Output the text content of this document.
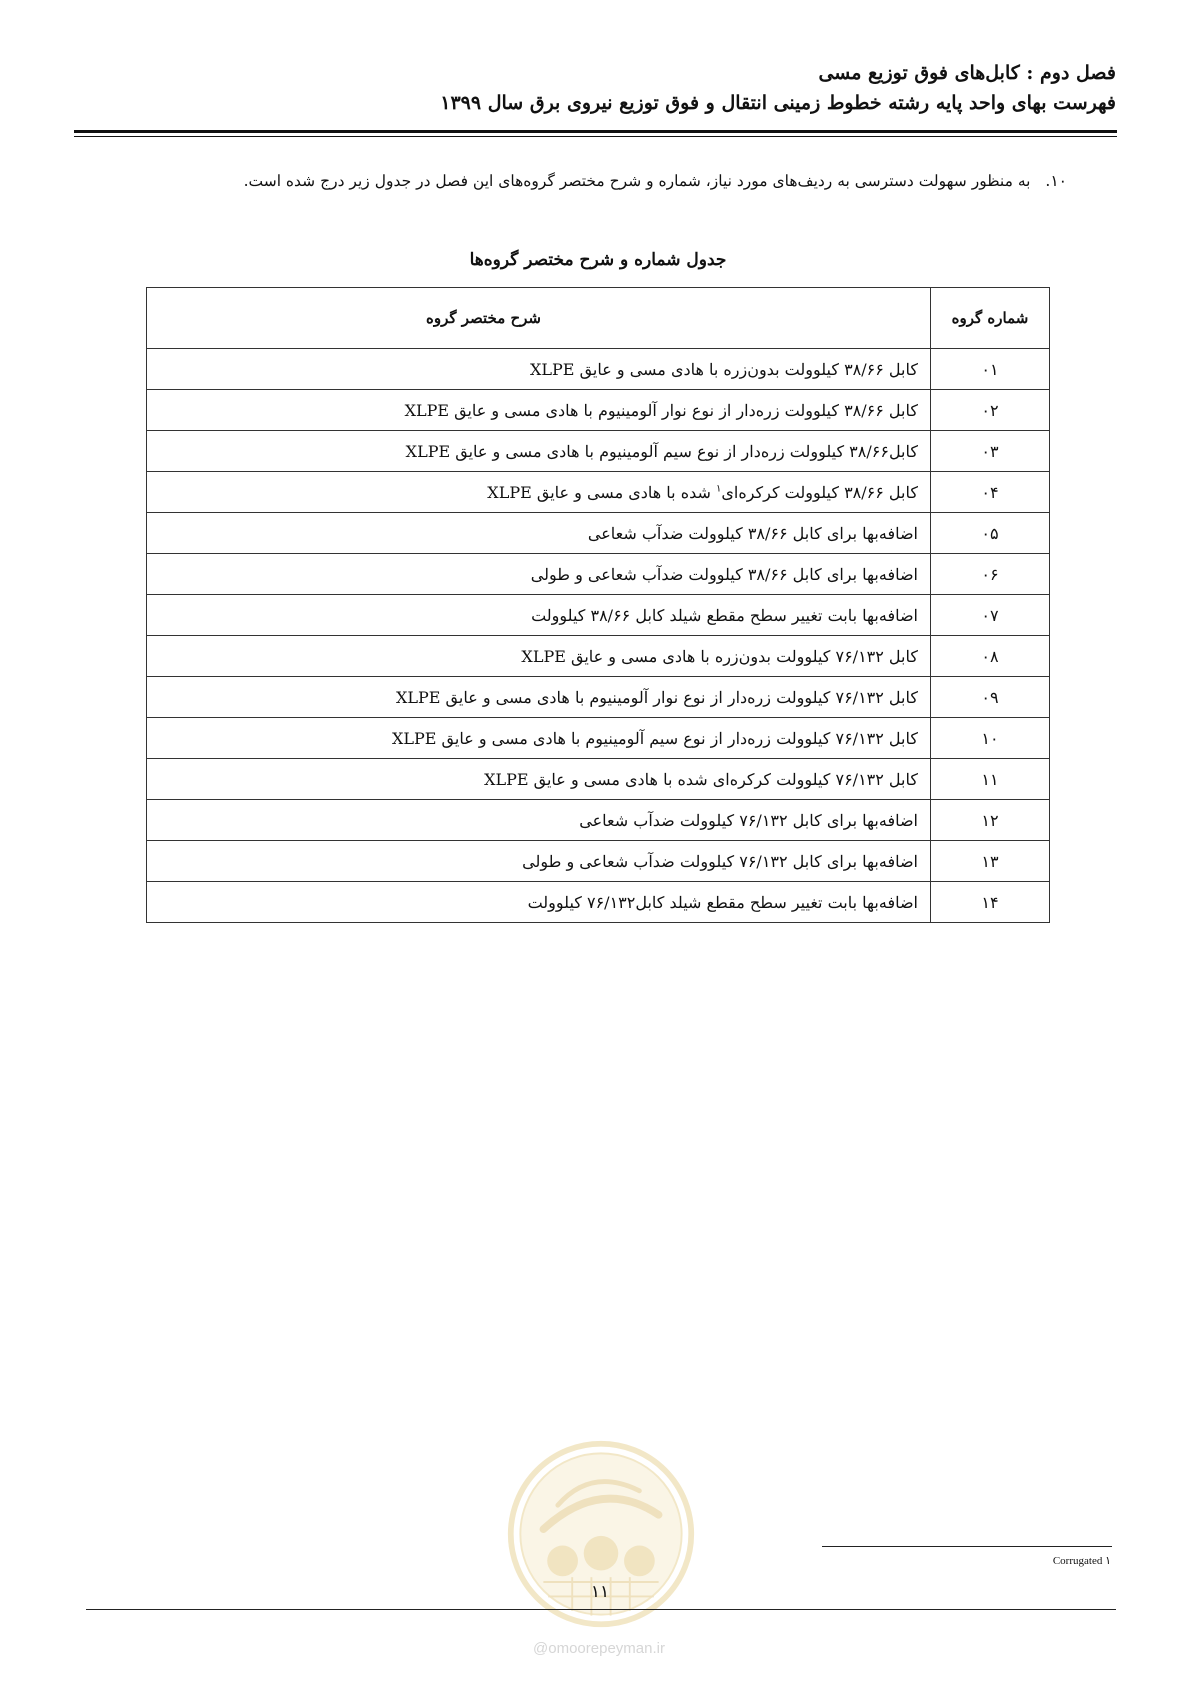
فصل دوم : کابل‌های فوق توزیع مسی
فهرست بهای واحد پایه رشته خطوط زمینی انتقال و فوق توزیع نیروی برق سال ۱۳۹۹
۱۰. به منظور سهولت دسترسی به ردیف‌های مورد نیاز، شماره و شرح مختصر گروه‌های این فصل در جدول زیر درج شده است.
جدول شماره و شرح مختصر گروه‌ها
شماره گروه	شرح مختصر گروه
۰۱	کابل ۳۸/۶۶ کیلوولت بدون‌زره با هادی مسی و عایق XLPE
۰۲	کابل ۳۸/۶۶ کیلوولت زره‌دار از نوع نوار آلومینیوم با هادی مسی و عایق XLPE
۰۳	کابل۳۸/۶۶ کیلوولت زره‌دار از نوع سیم آلومینیوم با هادی مسی و عایق XLPE
۰۴	کابل ۳۸/۶۶ کیلوولت کرکره‌ای$^۱$ شده با هادی مسی و عایق XLPE
۰۵	اضافه‌بها برای کابل ۳۸/۶۶ کیلوولت ضدآب شعاعی
۰۶	اضافه‌بها برای کابل ۳۸/۶۶ کیلوولت ضدآب شعاعی و طولی
۰۷	اضافه‌بها بابت تغییر سطح مقطع شیلد کابل ۳۸/۶۶ کیلوولت
۰۸	کابل ۷۶/۱۳۲ کیلوولت بدون‌زره با هادی مسی و عایق XLPE
۰۹	کابل ۷۶/۱۳۲ کیلوولت زره‌دار از نوع نوار آلومینیوم با هادی مسی و عایق XLPE
۱۰	کابل ۷۶/۱۳۲ کیلوولت زره‌دار از نوع سیم آلومینیوم با هادی مسی و عایق XLPE
۱۱	کابل ۷۶/۱۳۲ کیلوولت کرکره‌ای شده با هادی مسی و عایق XLPE
۱۲	اضافه‌بها برای کابل ۷۶/۱۳۲ کیلوولت ضدآب شعاعی
۱۳	اضافه‌بها برای کابل ۷۶/۱۳۲ کیلوولت ضدآب شعاعی و طولی
۱۴	اضافه‌بها بابت تغییر سطح مقطع شیلد کابل۷۶/۱۳۲ کیلوولت
۱ Corrugated
۱۱
@omoorepeyman.ir
